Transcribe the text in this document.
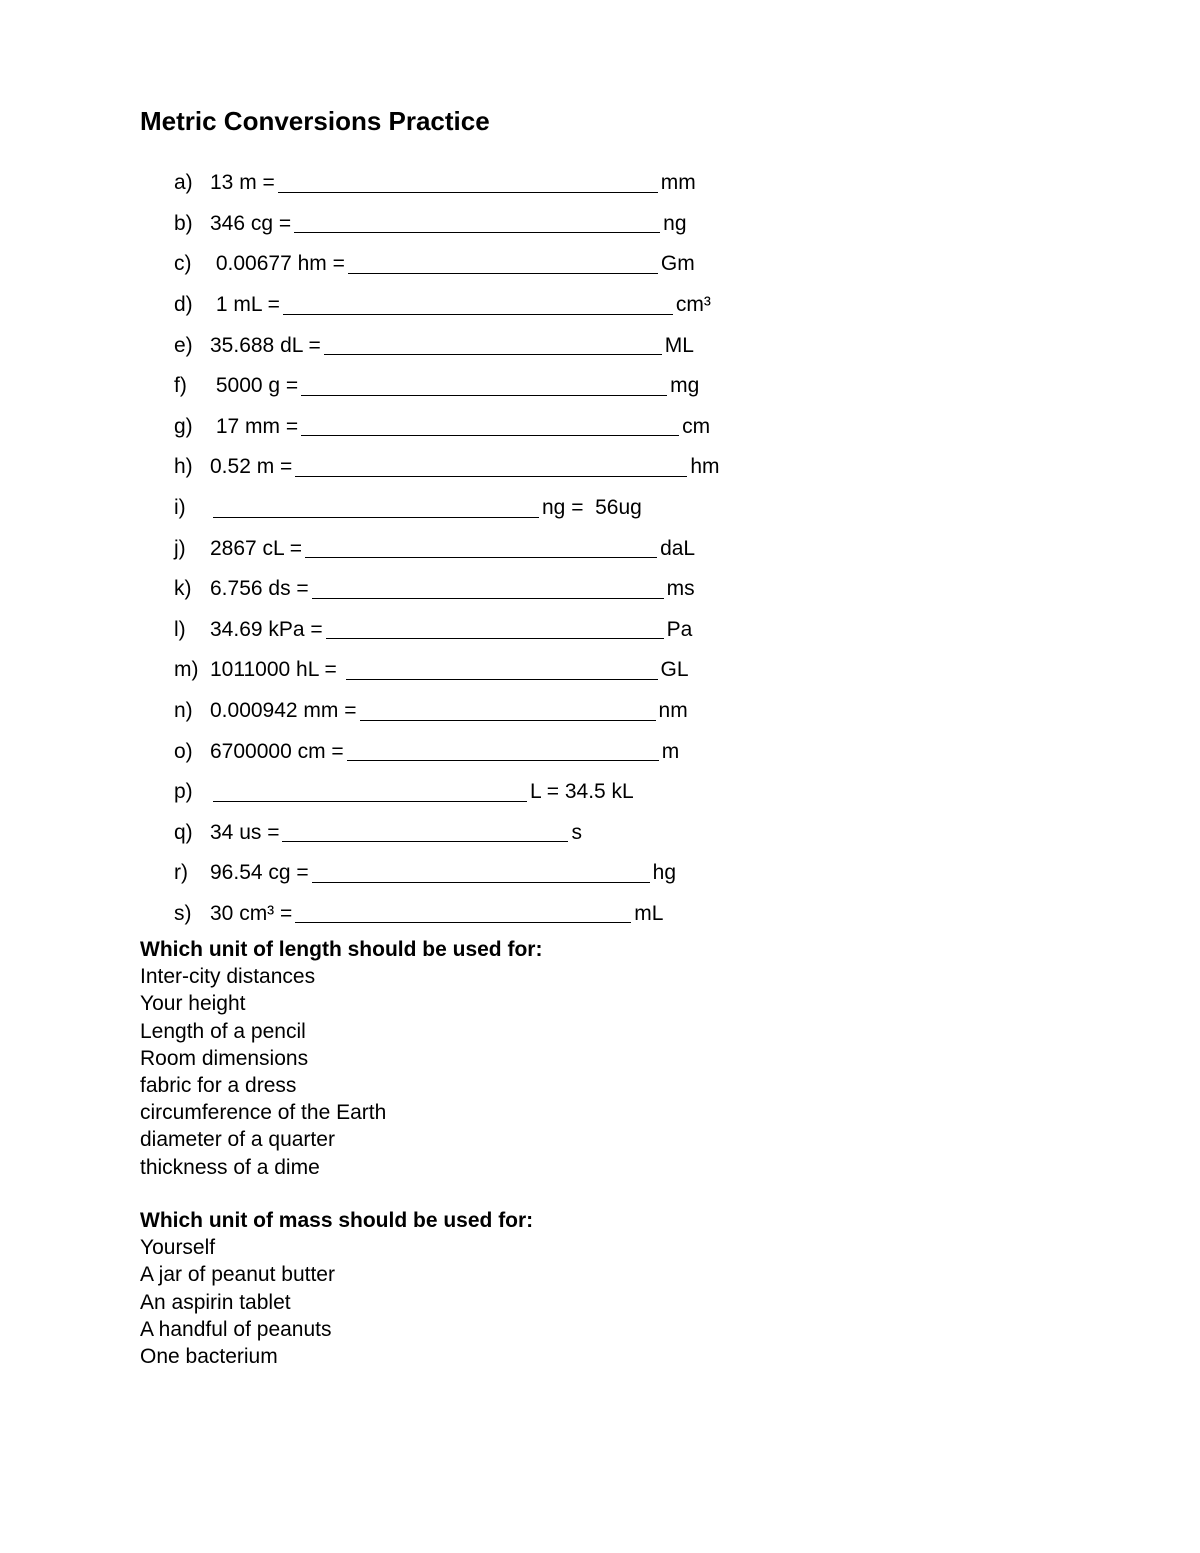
Metric Conversions Practice
a) 13 m =	mm
b) 346 cg =	ng
c) 0.00677 hm =	Gm
d) 1 mL =	cm³
e) 35.688 dL =	ML
f)	5000 g =	mg
g) 17 mm =	cm
h) 0.52 m =	hm
i)	ng =  56ug
j)	2867 cL =	daL
k) 6.756 ds =	ms
l)	34.69 kPa =	Pa
m) 1011000 hL =	GL
n) 0.000942 mm =	nm
o) 6700000 cm =	m
p)	L = 34.5 kL
q) 34 us =	s
r)	96.54 cg =	hg
s) 30 cm³ =	mL
Which unit of length should be used for:
Inter-city distances
Your height
Length of a pencil
Room dimensions
fabric for a dress
circumference of the Earth
diameter of a quarter
thickness of a dime
Which unit of mass should be used for:
Yourself
A jar of peanut butter
An aspirin tablet
A handful of peanuts
One bacterium
